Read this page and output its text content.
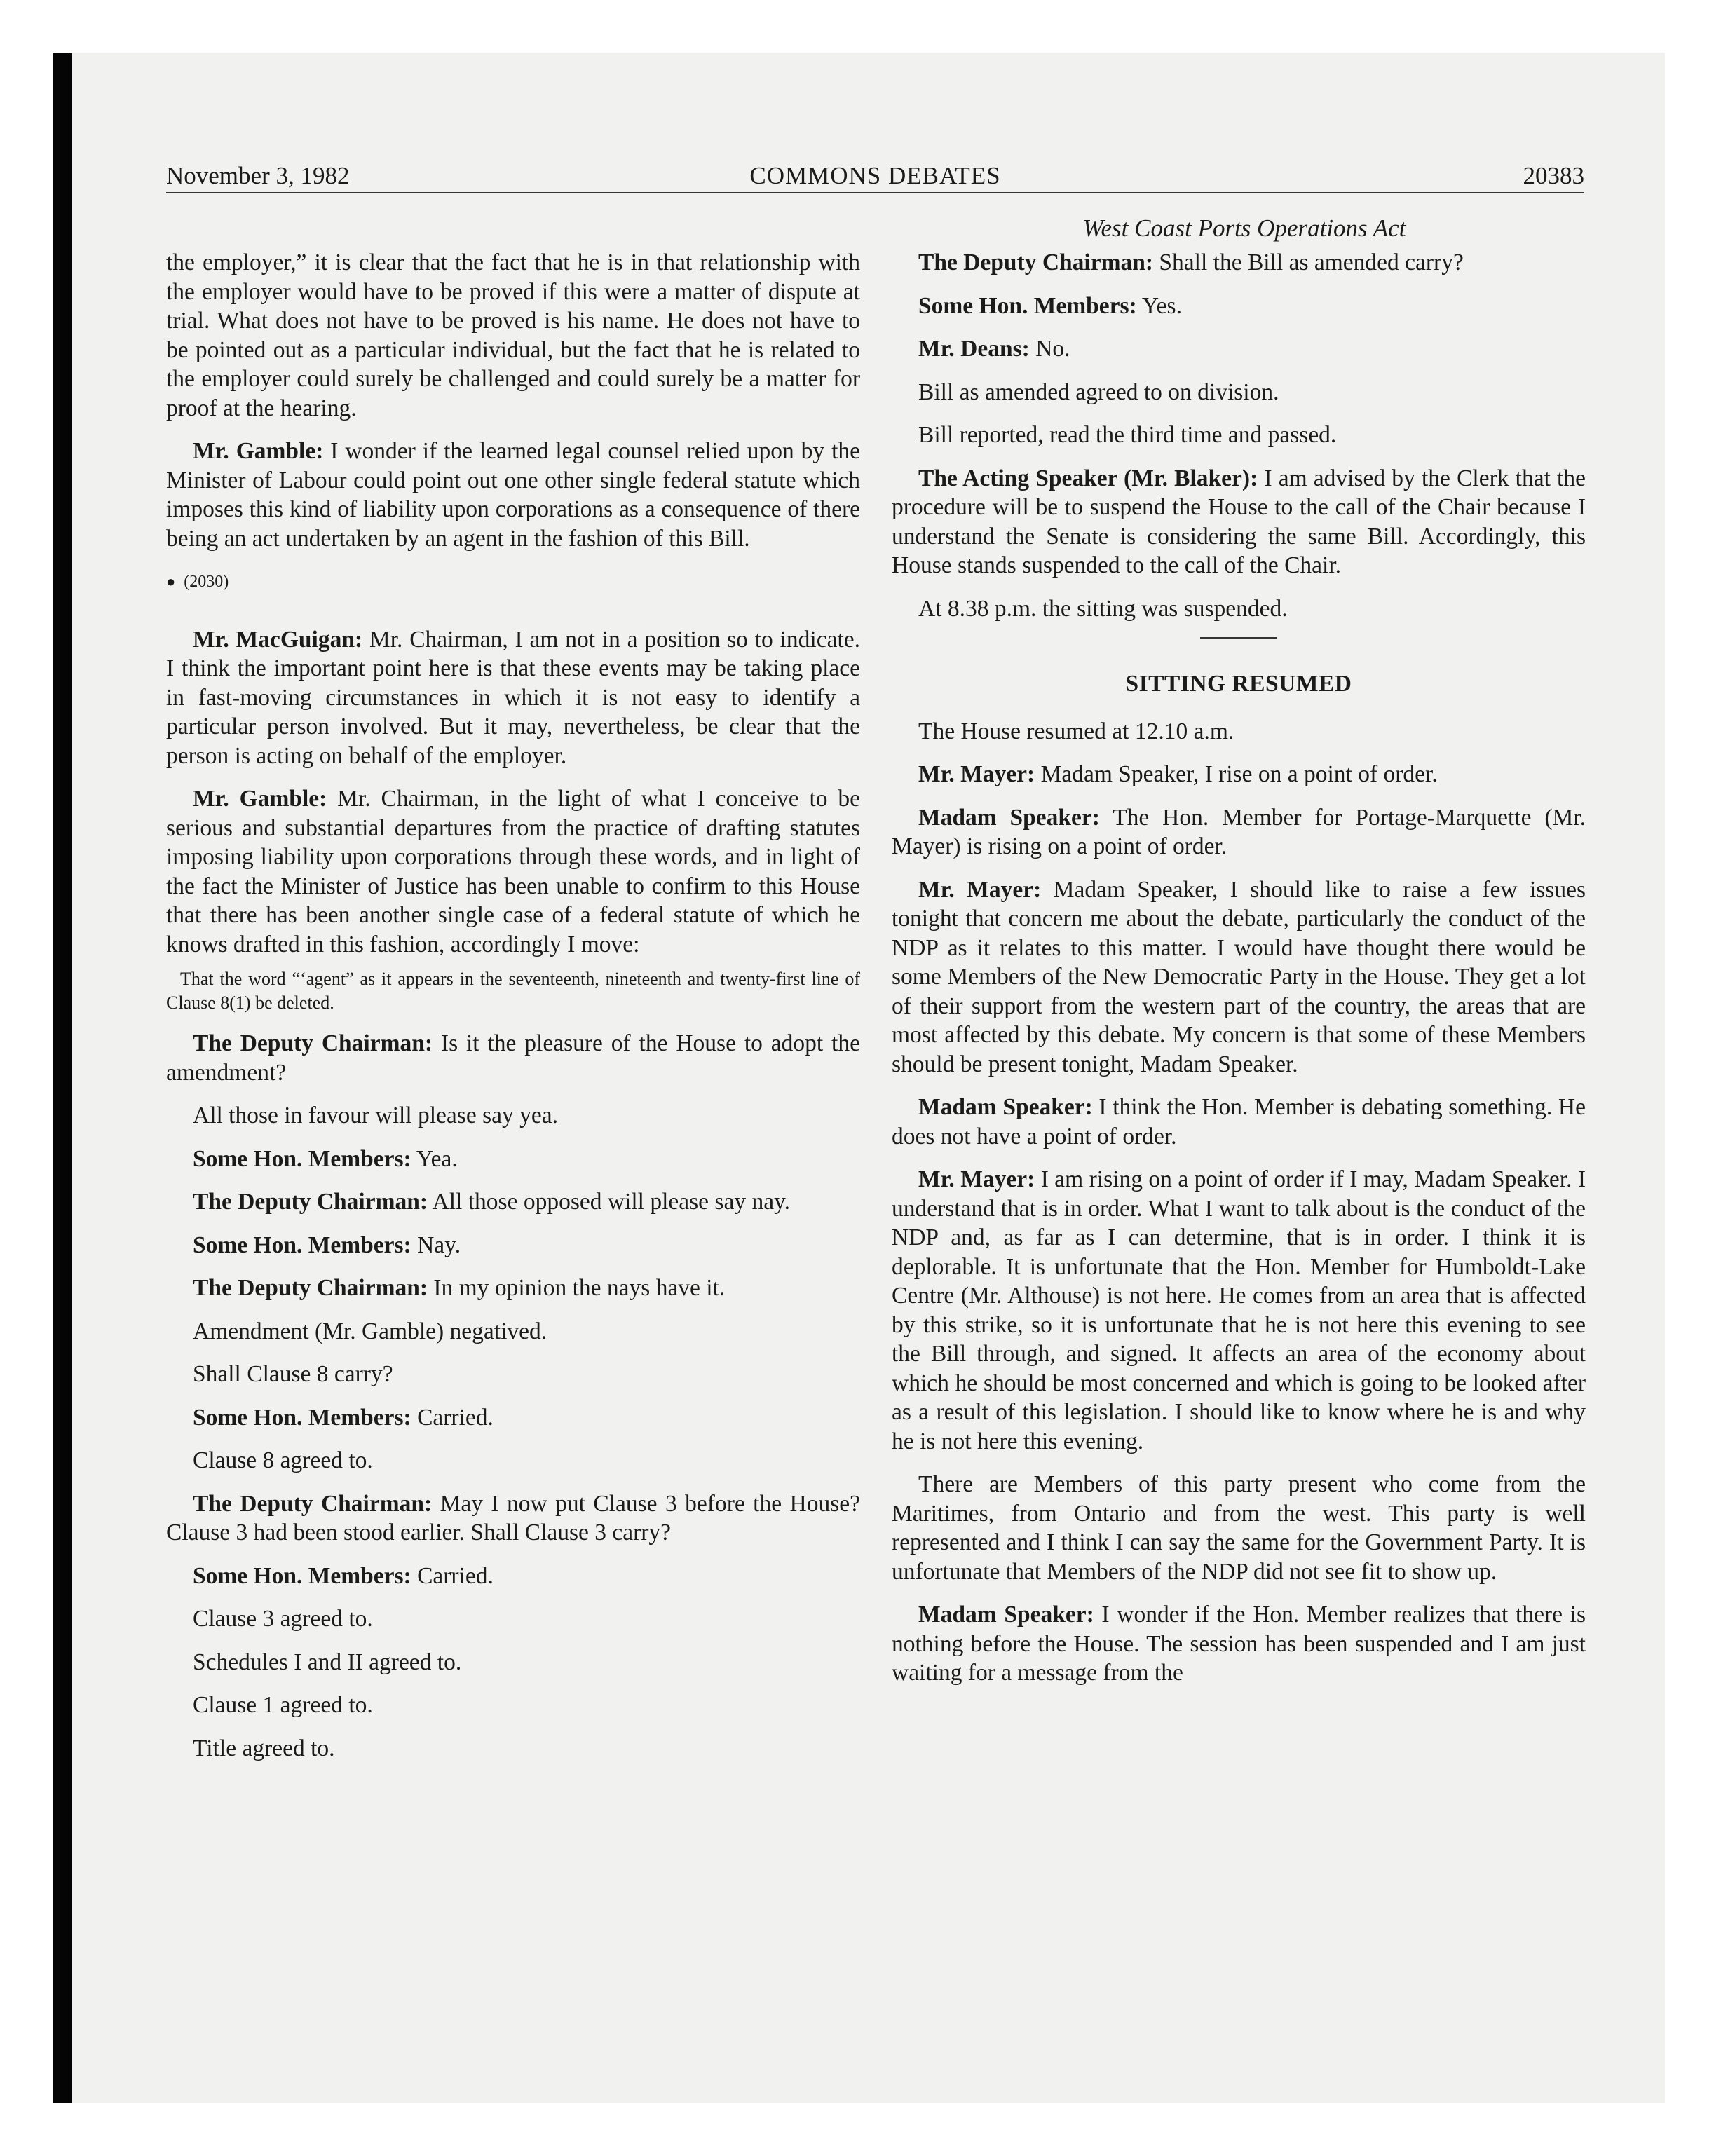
November 3, 1982	COMMONS DEBATES	20383
West Coast Ports Operations Act

the employer,” it is clear that the fact that he is in that relationship with the employer would have to be proved if this were a matter of dispute at trial. What does not have to be proved is his name. He does not have to be pointed out as a particular individual, but the fact that he is related to the employer could surely be challenged and could surely be a matter for proof at the hearing.

Mr. Gamble: I wonder if the learned legal counsel relied upon by the Minister of Labour could point out one other single federal statute which imposes this kind of liability upon corporations as a consequence of there being an act undertaken by an agent in the fashion of this Bill.

● (2030)

Mr. MacGuigan: Mr. Chairman, I am not in a position so to indicate. I think the important point here is that these events may be taking place in fast-moving circumstances in which it is not easy to identify a particular person involved. But it may, nevertheless, be clear that the person is acting on behalf of the employer.

Mr. Gamble: Mr. Chairman, in the light of what I conceive to be serious and substantial departures from the practice of drafting statutes imposing liability upon corporations through these words, and in light of the fact the Minister of Justice has been unable to confirm to this House that there has been another single case of a federal statute of which he knows drafted in this fashion, accordingly I move:

That the word “‘agent” as it appears in the seventeenth, nineteenth and twenty-first line of Clause 8(1) be deleted.

The Deputy Chairman: Is it the pleasure of the House to adopt the amendment?

All those in favour will please say yea.

Some Hon. Members: Yea.

The Deputy Chairman: All those opposed will please say nay.

Some Hon. Members: Nay.

The Deputy Chairman: In my opinion the nays have it.

Amendment (Mr. Gamble) negatived.

Shall Clause 8 carry?

Some Hon. Members: Carried.

Clause 8 agreed to.

The Deputy Chairman: May I now put Clause 3 before the House? Clause 3 had been stood earlier. Shall Clause 3 carry?

Some Hon. Members: Carried.

Clause 3 agreed to.

Schedules I and II agreed to.

Clause 1 agreed to.

Title agreed to.

The Deputy Chairman: Shall the Bill as amended carry?

Some Hon. Members: Yes.

Mr. Deans: No.

Bill as amended agreed to on division.

Bill reported, read the third time and passed.

The Acting Speaker (Mr. Blaker): I am advised by the Clerk that the procedure will be to suspend the House to the call of the Chair because I understand the Senate is considering the same Bill. Accordingly, this House stands suspended to the call of the Chair.

At 8.38 p.m. the sitting was suspended.

SITTING RESUMED

The House resumed at 12.10 a.m.

Mr. Mayer: Madam Speaker, I rise on a point of order.

Madam Speaker: The Hon. Member for Portage-Marquette (Mr. Mayer) is rising on a point of order.

Mr. Mayer: Madam Speaker, I should like to raise a few issues tonight that concern me about the debate, particularly the conduct of the NDP as it relates to this matter. I would have thought there would be some Members of the New Democratic Party in the House. They get a lot of their support from the western part of the country, the areas that are most affected by this debate. My concern is that some of these Members should be present tonight, Madam Speaker.

Madam Speaker: I think the Hon. Member is debating something. He does not have a point of order.

Mr. Mayer: I am rising on a point of order if I may, Madam Speaker. I understand that is in order. What I want to talk about is the conduct of the NDP and, as far as I can determine, that is in order. I think it is deplorable. It is unfortunate that the Hon. Member for Humboldt-Lake Centre (Mr. Althouse) is not here. He comes from an area that is affected by this strike, so it is unfortunate that he is not here this evening to see the Bill through, and signed. It affects an area of the economy about which he should be most concerned and which is going to be looked after as a result of this legislation. I should like to know where he is and why he is not here this evening.

There are Members of this party present who come from the Maritimes, from Ontario and from the west. This party is well represented and I think I can say the same for the Government Party. It is unfortunate that Members of the NDP did not see fit to show up.

Madam Speaker: I wonder if the Hon. Member realizes that there is nothing before the House. The session has been suspended and I am just waiting for a message from the
